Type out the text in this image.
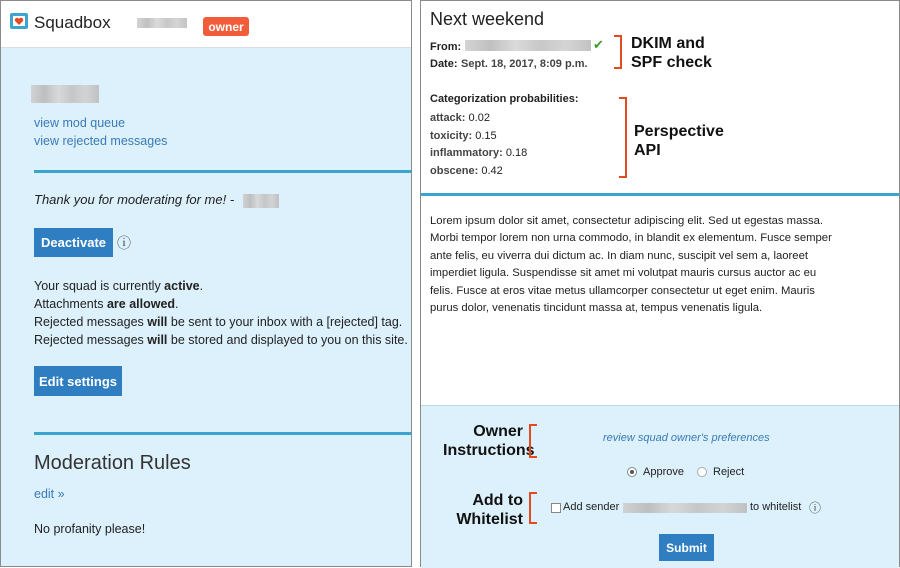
Squadbox	owner
view mod queue
view rejected messages
Thank you for moderating for me! -
Deactivate ⓘ
Your squad is currently active.
Attachments are allowed.
Rejected messages will be sent to your inbox with a [rejected] tag.
Rejected messages will be stored and displayed to you on this site.
Edit settings
Moderation Rules
edit »
No profanity please!
Next weekend
From:	✔
Date: Sept. 18, 2017, 8:09 p.m.
DKIM and
SPF check
Categorization probabilities:
attack: 0.02
toxicity: 0.15
inflammatory: 0.18
obscene: 0.42
Perspective
API
Lorem ipsum dolor sit amet, consectetur adipiscing elit. Sed ut egestas massa. Morbi tempor lorem non urna commodo, in blandit ex elementum. Fusce semper ante felis, eu viverra dui dictum ac. In diam nunc, suscipit vel sem a, laoreet imperdiet ligula. Suspendisse sit amet mi volutpat mauris cursus auctor ac eu felis. Fusce at eros vitae metus ullamcorper consectetur ut eget enim. Mauris purus dolor, venenatis tincidunt massa at, tempus venenatis ligula.
Owner
Instructions
review squad owner's preferences
Approve	Reject
Add to
Whitelist
Add sender	to whitelist ⓘ
Submit
